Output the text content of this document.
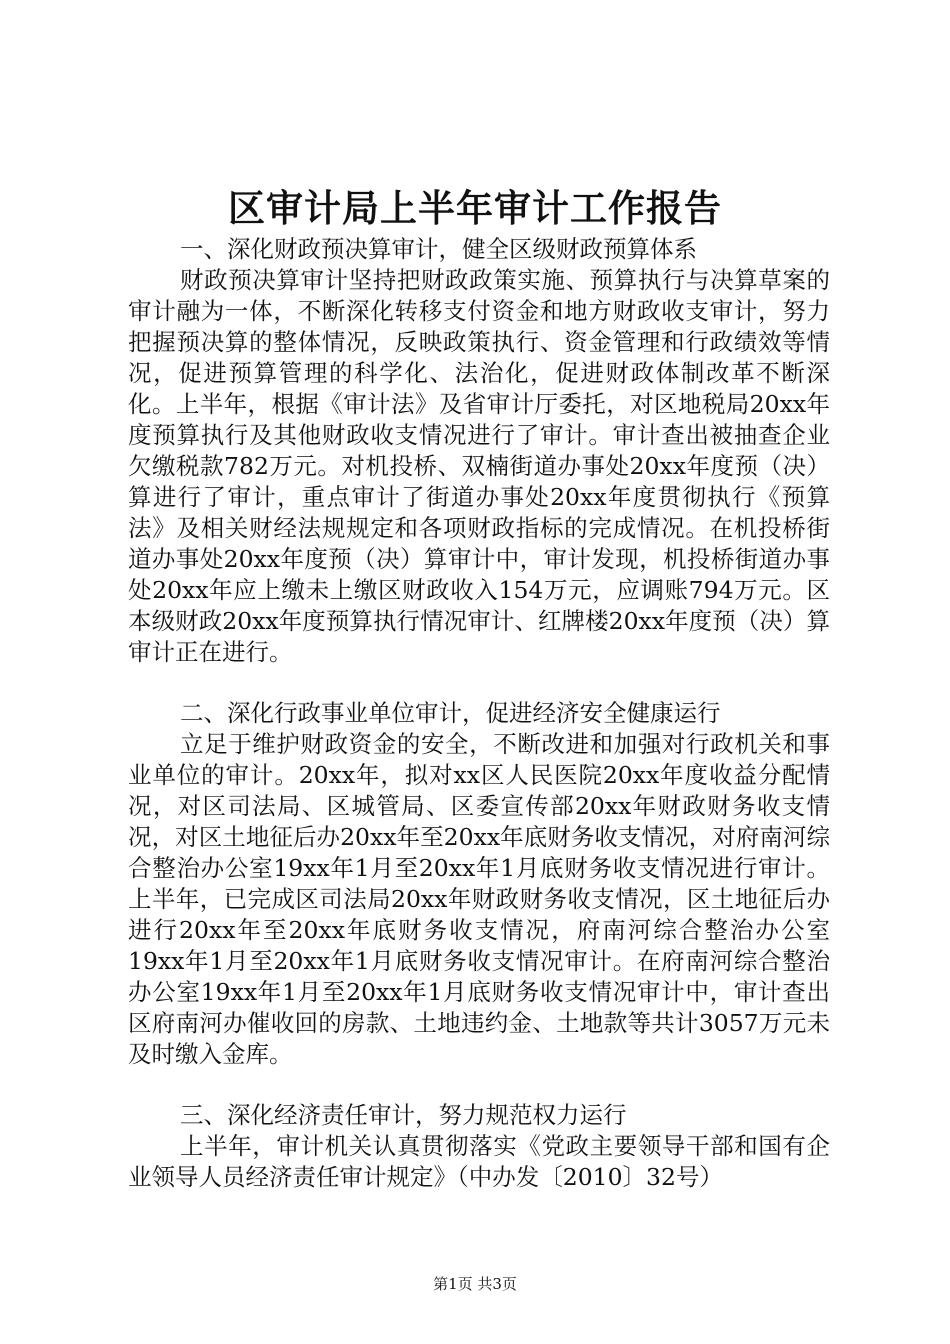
区审计局上半年审计工作报告
一、深化财政预决算审计，健全区级财政预算体系

财政预决算审计坚持把财政政策实施、预算执行与决算草案的审计融为一体，不断深化转移支付资金和地方财政收支审计，努力把握预决算的整体情况，反映政策执行、资金管理和行政绩效等情况，促进预算管理的科学化、法治化，促进财政体制改革不断深化。上半年，根据《审计法》及省审计厅委托，对区地税局20xx年度预算执行及其他财政收支情况进行了审计。审计查出被抽查企业欠缴税款782万元。对机投桥、双楠街道办事处20xx年度预（决）算进行了审计，重点审计了街道办事处20xx年度贯彻执行《预算法》及相关财经法规规定和各项财政指标的完成情况。在机投桥街道办事处20xx年度预（决）算审计中，审计发现，机投桥街道办事处20xx年应上缴未上缴区财政收入154万元，应调账794万元。区本级财政20xx年度预算执行情况审计、红牌楼20xx年度预（决）算审计正在进行。

二、深化行政事业单位审计，促进经济安全健康运行

立足于维护财政资金的安全，不断改进和加强对行政机关和事业单位的审计。20xx年，拟对xx区人民医院20xx年度收益分配情况，对区司法局、区城管局、区委宣传部20xx年财政财务收支情况，对区土地征后办20xx年至20xx年底财务收支情况，对府南河综合整治办公室19xx年1月至20xx年1月底财务收支情况进行审计。上半年，已完成区司法局20xx年财政财务收支情况，区土地征后办进行20xx年至20xx年底财务收支情况，府南河综合整治办公室19xx年1月至20xx年1月底财务收支情况审计。在府南河综合整治办公室19xx年1月至20xx年1月底财务收支情况审计中，审计查出区府南河办催收回的房款、土地违约金、土地款等共计3057万元未及时缴入金库。

三、深化经济责任审计，努力规范权力运行

上半年，审计机关认真贯彻落实《党政主要领导干部和国有企业领导人员经济责任审计规定》（中办发〔2010〕32号）

第1页 共3页
